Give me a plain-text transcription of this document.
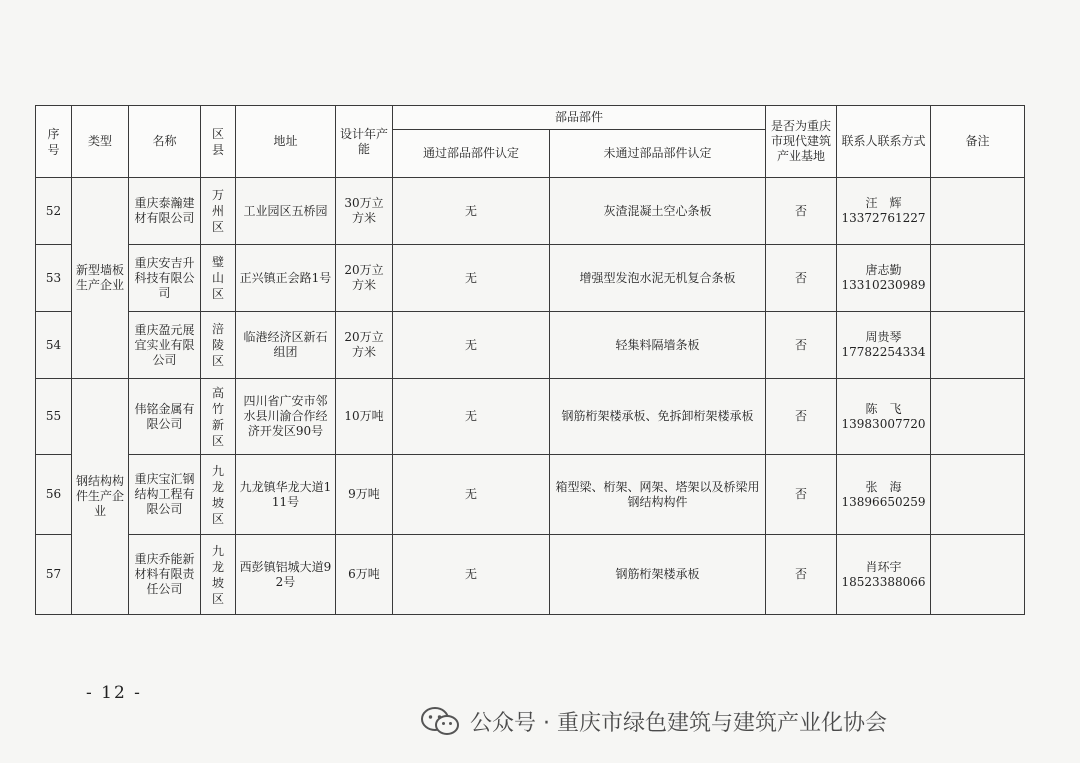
序号	类型	名称	区县	地址	设计年产能	部品部件		是否为重庆市现代建筑产业基地	联系人联系方式	备注
						通过部品部件认定	未通过部品部件认定			
52	新型墙板生产企业	重庆泰瀚建材有限公司	万州区	工业园区五桥园	30万立方米	无	灰渣混凝土空心条板	否	汪　辉
13372761227	

53		重庆安吉升科技有限公司	璧山区	正兴镇正会路1号	20万立方米	无	增强型发泡水泥无机复合条板	否	唐志勤
13310230989	

54		重庆盈元展宜实业有限公司	涪陵区	临港经济区新石组团	20万立方米	无	轻集料隔墙条板	否	周贵琴
17782254334	

55	钢结构构件生产企业	伟铭金属有限公司	高竹新区	四川省广安市邻水县川渝合作经济开发区90号	10万吨	无	钢筋桁架楼承板、免拆卸桁架楼承板	否	陈　飞
13983007720	

56		重庆宝汇钢结构工程有限公司	九龙坡区	九龙镇华龙大道111号	9万吨	无	箱型梁、桁架、网架、塔架以及桥梁用钢结构构件	否	张　海
13896650259	

57		重庆乔能新材料有限责任公司	九龙坡区	西彭镇铝城大道92号	6万吨	无	钢筋桁架楼承板	否	肖环宇
18523388066	

- 12 -
公众号 · 重庆市绿色建筑与建筑产业化协会
